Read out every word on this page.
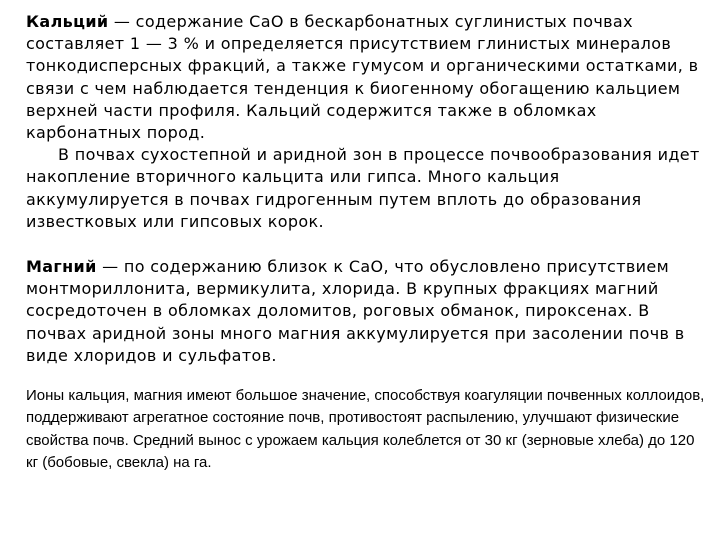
Кальций — содержание CaO в бескарбонатных суглинистых почвах составляет 1 — 3 % и определяется присутствием глинистых минералов тонкодисперсных фракций, а также гумусом и органическими остатками, в связи с чем наблюдается тенденция к биогенному обогащению кальцием верхней части профиля. Кальций содержится также в обломках карбонатных пород.

В почвах сухостепной и аридной зон в процессе почвообразования идет накопление вторичного кальцита или гипса. Много кальция аккумулируется в почвах гидрогенным путем вплоть до образования известковых или гипсовых корок.

Магний — по содержанию близок к CaO, что обусловлено присутствием монтмориллонита, вермикулита, хлорида. В крупных фракциях магний сосредоточен в обломках доломитов, роговых обманок, пироксенах. В почвах аридной зоны много магния аккумулируется при засолении почв в виде хлоридов и сульфатов.

Ионы кальция, магния имеют большое значение, способствуя коагуляции почвенных коллоидов, поддерживают агрегатное состояние почв, противостоят распылению, улучшают физические свойства почв. Средний вынос с урожаем кальция колеблется от 30 кг (зерновые хлеба) до 120 кг (бобовые, свекла) на га.
